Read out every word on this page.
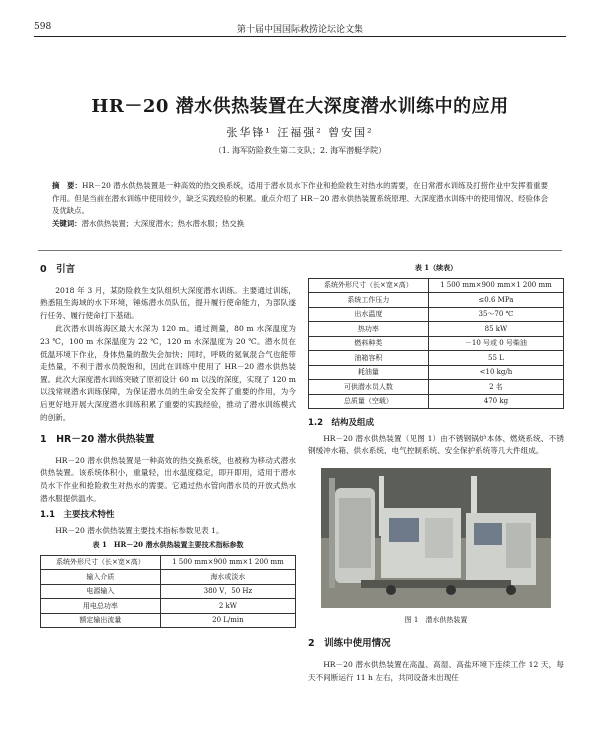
598	第十届中国国际救捞论坛论文集
HR－20 潜水供热装置在大深度潜水训练中的应用
张华锋¹ 汪福强² 曾安国²
（1. 海军防险救生第二支队；2. 海军潜艇学院）
摘　要：HR－20 潜水供热装置是一种高效的热交换系统，适用于潜水员水下作业和抢险救生对热水的需要，在日常潜水训练及打捞作业中发挥着重要作用。但是当前在潜水训练中使用较少，缺乏实践经验的积累。重点介绍了 HR－20 潜水供热装置系统原理、大深度潜水训练中的使用情况、经验体会及优缺点。
关键词：潜水供热装置；大深度潜水；热水潜水服；热交换
0　引言

2018 年 3 月，某防险救生支队组织大深度潜水训练。主要通过训练，熟悉阻生海域的水下环境，锤炼潜水员队伍，提升履行使命能力，为部队遂行任务、履行使命打下基础。

此次潜水训练海区最大水深为 120 m。通过测量，80 m 水深温度为 23 ℃，100 m 水深温度为 22 ℃，120 m 水深温度为 20 ℃。潜水员在低温环境下作业，身体热量的散失会加快；同时，呼吸的氦氧混合气也能带走热量，不利于潜水员脱饱和，因此在训练中使用了 HR－20 潜水供热装置。此次大深度潜水训练突破了原初设计 60 m 以浅的深度，实现了 120 m 以浅常规潜水训练保障，为保证潜水员的生命安全发挥了重要的作用，为今后更好地开展大深度潜水训练积累了重要的实践经验，推动了潜水训练模式的创新。

1　HR－20 潜水供热装置

HR－20 潜水供热装置是一种高效的热交换系统，也被称为移动式潜水供热装置。该系统体积小，重量轻，出水温度稳定，即开即用，适用于潜水员水下作业和抢险救生对热水的需要。它通过热水管向潜水员的开放式热水潜水服提供温水。

1.1　主要技术特性

HR－20 潜水供热装置主要技术指标参数见表 1。

表 1　HR－20 潜水供热装置主要技术指标参数
系统外形尺寸（长×宽×高）	1 500 mm×900 mm×1 200 mm
输入介质	海水或淡水
电源输入	380 V，50 Hz
用电总功率	2 kW
额定输出流量	20 L/min
表 1（续表）
系统外形尺寸（长×宽×高）	1 500 mm×900 mm×1 200 mm
系统工作压力	≤0.6 MPa
出水温度	35～70 ℃
热功率	85 kW
燃料种类	－10 号或 0 号柴油
油箱容积	55 L
耗油量	<10 kg/h
可供潜水员人数	2 名
总质量（空载）	470 kg
1.2　结构及组成

HR－20 潜水供热装置（见图 1）由不锈钢锅炉本体、燃烧系统、不锈钢缓冲水箱、供水系统、电气控制系统、安全保护系统等几大件组成。

图 1　潜水供热装置
2　训练中使用情况

HR－20 潜水供热装置在高温、高湿、高盐环境下连续工作 12 天，每天不间断运行 11 h 左右，共同设备未出现任
